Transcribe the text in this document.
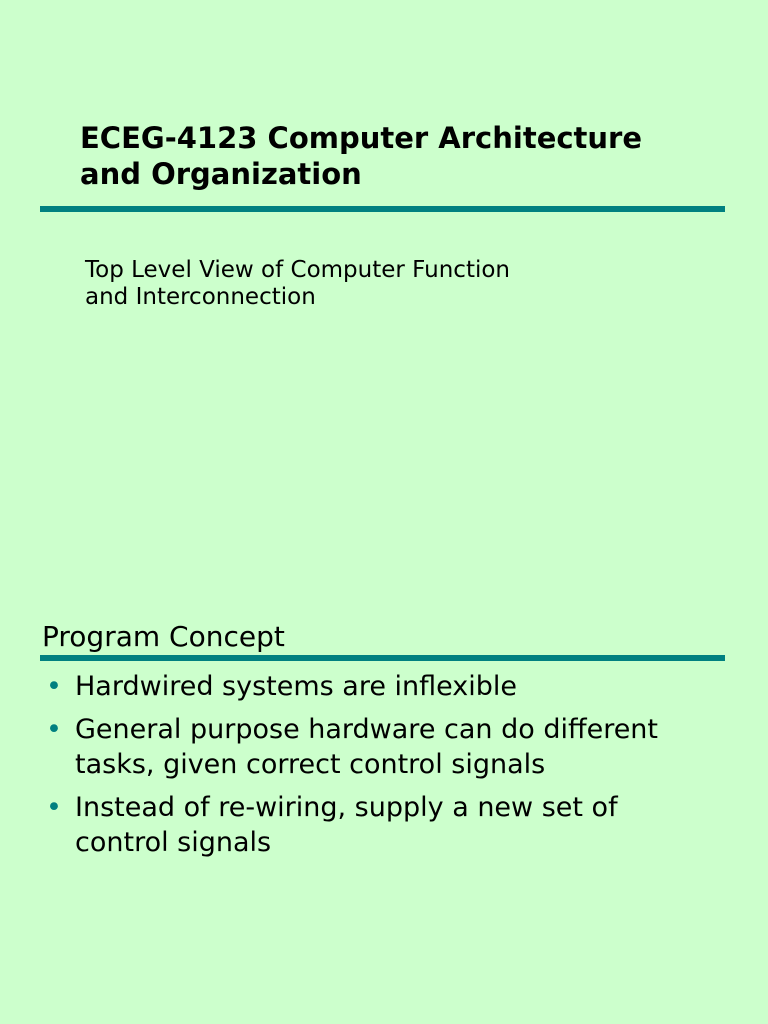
ECEG-4123 Computer Architecture
and Organization

Top Level View of Computer Function
and Interconnection

Program Concept
• Hardwired systems are inflexible
• General purpose hardware can do different tasks, given correct control signals
• Instead of re-wiring, supply a new set of control signals
